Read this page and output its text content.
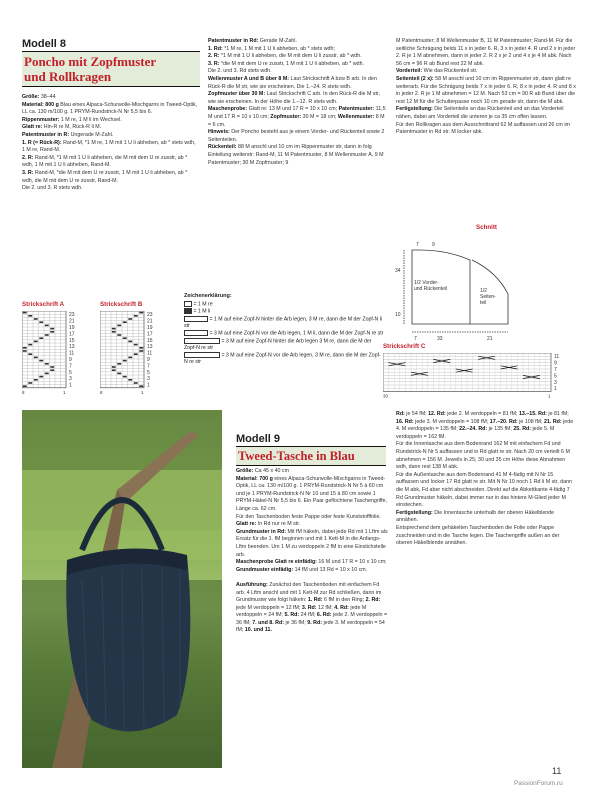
Modell 8
Poncho mit Zopfmuster
und Rollkragen

Größe: 38–44

Material: 800 g Blau eines Alpaca-Schurwolle-Mischgarns in Tweed-Optik, LL ca. 130 m/100 g. 1 PRYM-Rundstrick-N Nr 5,5 bis 6.

Rippenmuster: 1 M re, 1 M li im Wechsel.

Glatt re: Hin-R re M, Rück-R li M.

Patentmuster in R: Ungerade M-Zahl.

1. R (= Rück-R): Rand-M, *1 M re, 1 M mit 1 U li abheben, ab * stets wdh, 1 M re, Rand-M.

2. R: Rand-M, *1 M mit 1 U li abheben, die M mit dem U re zusstr, ab * wdh, 1 M mit 1 U li abheben, Rand-M.

3. R: Rand-M, *die M mit dem U re zusstr, 1 M mit 1 U li abheben, ab * wdh, die M mit dem U re zusstr, Rand-M.

Die 2. und 3. R stets wdh.

Patentmuster in Rd: Gerade M-Zahl.

1. Rd: *1 M re, 1 M mit 1 U li abheben, ab * stets wdh;

2. R: *1 M mit 1 U li abheben, die M mit dem U li zusstr, ab * wdh.

3. R: *die M mit dem U re zusstr, 1 M mit 1 U li abheben, ab * wdh.

Die 2. und 3. Rd stets wdh.

Wellenmuster A und B über 8 M: Laut Strickschrift A bzw B arb. In den Rück-R die M str, wie sie erscheinen. Die 1.–24. R stets wdh.

Zopfmuster über 30 M: Laut Strickschrift C arb. In den Rück-R die M str, wie sie erscheinen. In der Höhe die 1.–12. R stets wdh.

Maschenprobe: Glatt re: 13 M und 17 R = 10 x 10 cm; Patentmuster: 11,5 M und 17 R = 10 x 10 cm; Zopfmuster: 30 M = 18 cm; Wellenmuster: 8 M = 6 cm.

Hinweis: Der Poncho besteht aus je einem Vorder- und Rückenteil sowie 2 Seitenteilen.

Rückenteil: 88 M anschl und 10 cm im Rippenmuster str, dann in folg Einteilung weiterstr: Rand-M, 11 M Patentmuster, 8 M Wellenmuster A, 9 M Patentmuster; 30 M Zopfmuster; 9

M Patentmuster; 8 M Wellenmuster B, 11 M Patentmuster; Rand-M. Für die seitliche Schrägung beids 11 x in jeder 6. R, 3 x in jeder 4. R und 2 x in jeder 2. R je 1 M abnehmen, dann in jeder 2. R 2 x je 2 und 4 x je 4 M abk. Nach 56 cm = 96 R ab Bund rest 22 M abk.

Vorderteil: Wie das Rückenteil str.

Seitenteil (2 x): 58 M anschl und 10 cm im Rippenmuster str, dann glatt re weiterarb. Für die Schrägung beids 7 x in jeder 6. R, 8 x in jeder 4. R und 8 x in jeder 2. R je 1 M abnehmen = 12 M. Nach 53 cm = 90 R ab Bund über die rest 12 M für die Schulterpasse noch 10 cm gerade str, dann die M abk.

Fertigstellung: Die Seitenteile an das Rückenteil und an das Vorderteil nähen, dabei am Vorderteil die unteren je ca 35 cm offen lassen.

Für den Rollkragen aus dem Ausschnittrand 62 M auffassen und 26 cm im Patentmuster in Rd str. M locker abk.

Schnitt
7	9
34
10
1/2 Vorder-
und Rückenteil	1/2
Seiten-
teil
33	21
7
Strickschrift A	Strickschrift B
23
21
19
17
15
13
11
9
7
5
3
1
8	1
23
21
19
17
15
13
11
9
7
5
3
1
8	1
Zeichenerklärung:
= 1 M re
= 1 M li
= 1 M auf eine Zopf-N hinter die Arb legen, 3 M re, dann die M der Zopf-N li str
= 3 M auf eine Zopf-N vor die Arb legen, 1 M li, dann die M der Zopf-N re str
= 3 M auf eine Zopf-N hinter die Arb legen 3 M re, dann die M der Zopf-N re str
= 3 M auf eine Zopf-N vor die Arb legen, 3 M re, dann die M der Zopf-N re str
Strickschrift C
11
9
7
5
3
1
30	1
Modell 9
Tweed-Tasche in Blau

Größe: Ca 45 x 40 cm

Material: 700 g eines Alpaca-Schurwolle-Mischgarns in Tweed-Optik, LL ca. 130 m/100 g. 1 PRYM-Rundstrick-N Nr 5 à 60 cm und je 1 PRYM-Rundstrick-N Nr 10 und 15 à 80 cm sowie 1 PRYM-Häkel-N Nr 5,5 bis 6. Ein Paar geflochtene Taschengriffe, Länge ca. 62 cm.

Für den Taschenboden feste Pappe oder feste Kunststofffolie.

Glatt re: In Rd nur re M str.

Grundmuster in Rd: Mit fM häkeln, dabei jede Rd mit 1 Lftm als Ersatz für die 1. fM beginnen und mit 1 Kett-M in die Anfangs-Lftm beenden. Um 1 M zu verdoppeln 2 fM in eine Einstichstelle arb.

Maschenprobe Glatt re einfädig: 16 M und 17 R = 10 x 10 cm; Grundmuster einfädig: 14 fM und 13 Rd = 10 x 10 cm.

Ausführung: Zunächst den Taschenboden mit einfachem Fd arb. 4 Lftm anschl und mit 1 Kett-M zur Rd schließen, dann im Grundmuster wie folgt häkeln: 1. Rd: 6 fM in den Ring; 2. Rd: jede M verdoppeln = 12 fM; 3. Rd: 12 fM; 4. Rd: jede M verdoppeln = 24 fM; 5. Rd: 24 fM; 6. Rd: jede 2. M verdoppeln = 36 fM; 7. und 8. Rd: je 36 fM; 9. Rd: jede 3. M verdoppeln = 54 fM; 10. und 11.

Rd: je 54 fM; 12. Rd: jede 2. M verdoppeln = 81 fM; 13.–15. Rd: je 81 fM; 16. Rd: jede 3. M verdoppeln = 108 fM; 17.–20. Rd: je 108 fM; 21. Rd: jede 4. M verdoppeln = 135 fM; 22.–24. Rd: je 135 fM; 25. Rd: jede 5. M verdoppeln = 162 fM.

Für die Innentasche aus dem Bodenrand 162 M mit einfachem Fd und Rundstrick-N Nr 5 auffassen und in Rd glatt re str. Nach 20 cm verteilt 6 M abnehmen = 156 M. Jeweils in 25, 30 und 35 cm Höhe diese Abnahmen wdh, dann rest 138 M abk.

Für die Außentasche aus dem Bodenrand 41 M 4-fädig mit N Nr 15 auffassen und locker 17 Rd glatt re str. Mit N Nr 10 noch 1 Rd li M str, dann die M abk, Fd aber nicht abschneiden. Direkt auf die Abkettkante 4-fädig 7 Rd Grundmuster häkeln, dabei immer nur in das hintere M-Glied jeder M einstechen.

Fertigstellung: Die Innentasche unterhalb der oberen Häkelblende annähen.

Entsprechend dem gehäkelten Taschenboden die Folie oder Pappe zuschneiden und in die Tasche legen. Die Taschengriffe außen an der oberen Häkelblende annähen.

11
PassionForum.ru
